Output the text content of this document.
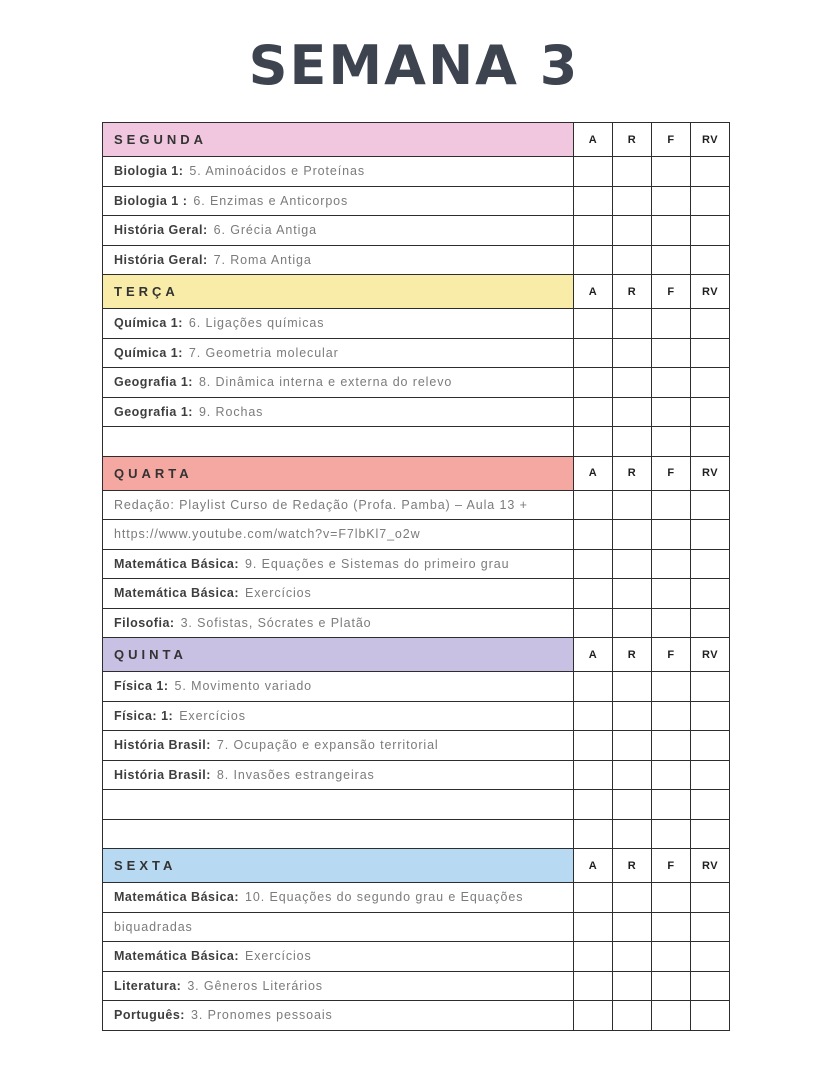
SEMANA 3
SEGUNDA	A	R	F	RV
Biologia 1: 5. Aminoácidos e Proteínas
Biologia 1 : 6. Enzimas e Anticorpos
História Geral: 6. Grécia Antiga
História Geral: 7. Roma Antiga
TERÇA	A	R	F	RV
Química 1: 6. Ligações químicas
Química 1: 7. Geometria molecular
Geografia 1: 8. Dinâmica interna e externa do relevo
Geografia 1: 9. Rochas
QUARTA	A	R	F	RV
Redação: Playlist Curso de Redação (Profa. Pamba) – Aula 13 +
https://www.youtube.com/watch?v=F7lbKl7_o2w
Matemática Básica: 9. Equações e Sistemas do primeiro grau
Matemática Básica: Exercícios
Filosofia: 3. Sofistas, Sócrates e Platão
QUINTA	A	R	F	RV
Física 1: 5. Movimento variado
Física: 1: Exercícios
História Brasil: 7. Ocupação e expansão territorial
História Brasil: 8. Invasões estrangeiras
SEXTA	A	R	F	RV
Matemática Básica: 10. Equações do segundo grau e Equações
biquadradas
Matemática Básica: Exercícios
Literatura: 3. Gêneros Literários
Português: 3. Pronomes pessoais
